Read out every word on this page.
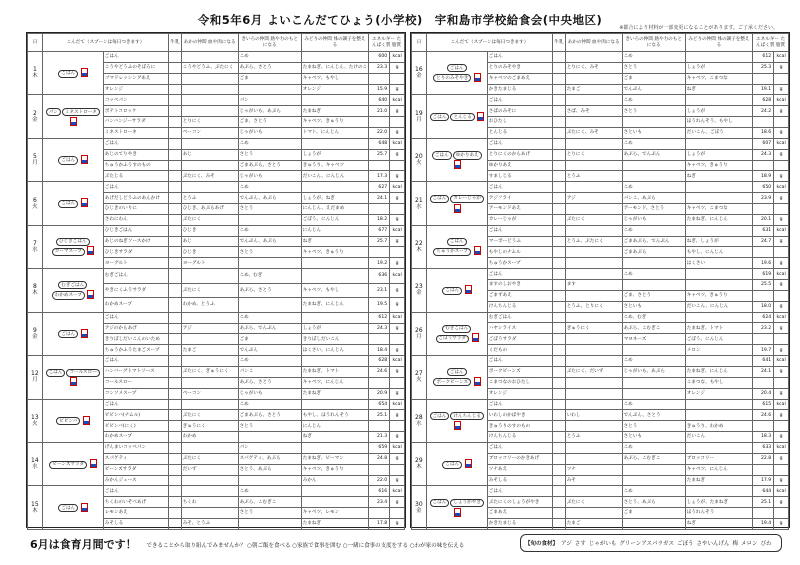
令和5年6月 よいこんだてひょう(小学校)　宇和島市学校給食会(中央地区)
※都合により材料が一部変更になることがあります。ご了承ください。
日	こんだて（スプーンは毎日つきます）		牛乳	あかの仲間 血や肉になる	きいろの仲間 熱や力のもとになる	みどりの仲間 体の調子を整える	エネルギー たんぱく質 脂質	

1
木	ごはん	ごはん			こめ		600	kcal
		こうやどうふのそぼろに		こうやどうふ、ぶたにく	あぶら、さとう	たまねぎ、にんじん、たけのこ	23.3	g
		ゴマドレッシングあえ			ごま	キャベツ、もやし		
		オレンジ				オレンジ	15.9	g

2
金	パン ミネストローネ	コッペパン			パン		640	kcal
		ポテトコロッケ			じゃがいも、あぶら	たまねぎ	21.0	g
		バンバンジーサラダ		とりにく	ごま、さとう	キャベツ、きゅうり		
		ミネストローネ		ベーコン	じゃがいも	トマト、にんじん	22.0	g

5
月	ごはん	ごはん			こめ		648	kcal
		あじのてりやき		あじ	さとう	しょうが	25.7	g
		ちゅうかふうすのもの			ごまあぶら、さとう	きゅうり、キャベツ		
		ぶたじる		ぶたにく、みそ	じゃがいも	だいこん、にんじん	17.3	g

6
火	ごはん	ごはん			こめ		627	kcal
		あげだしどうふのあんかけ		とうふ	でんぷん、あぶら	しょうが、ねぎ	24.1	g
		ひじきのいりに		ひじき、あぶらあげ	さとう	にんじん、えだまめ		
		さわにわん		ぶたにく		ごぼう、にんじん	18.2	g

7
水	ひじきごはんガーマスープ	ひじきごはん		ひじき	こめ	にんじん	677	kcal
		あじのねぎソースかけ		あじ	でんぷん、あぶら	ねぎ	25.7	g
		ひじきサラダ		ひじき	さとう	キャベツ、きゅうり		
		ヨーグルト		ヨーグルト			19.2	g

8
木	むぎごはんわかめスープ	むぎごはん			こめ、むぎ		636	kcal
		やきにくふうサラダ		ぶたにく	あぶら、さとう	キャベツ、もやし	23.1	g
		わかめスープ		わかめ、とうふ		たまねぎ、にんじん	19.5	g

9
金	ごはん	ごはん			こめ		612	kcal
		アジのからあげ		アジ	あぶら、でんぷん	しょうが	24.3	g
		きりぼしだいこんのいため			ごま	きりぼしだいこん		
		ちゅうかふうたまごスープ		たまご	でんぷん	はくさい、にんじん	18.4	g

12
月	ごはん コールスロー	ごはん			こめ		628	kcal
		ハンバーグトマトソース		ぶたにく、ぎゅうにく	パンこ	たまねぎ、トマト	24.6	g
		コールスロー			あぶら、さとう	キャベツ、にんじん		
		コンソメスープ		ベーコン	じゃがいも	たまねぎ	20.9	g

13
火	ビビンバ	ごはん			こめ		654	kcal
		ビビンバ(ナムル)		ぶたにく	ごまあぶら、さとう	もやし、ほうれんそう	25.1	g
		ビビンバ(にく)		ぎゅうにく	さとう	にんじん		
		わかめスープ		わかめ		ねぎ	21.3	g

14
水	ビーンズサラダ	げんまいコッペパン			パン		659	kcal
		スパゲティ		ぶたにく	スパゲティ、あぶら	たまねぎ、ピーマン	24.8	g
		ビーンズサラダ		だいず	さとう、あぶら	キャベツ、きゅうり		
		みかんジュース				みかん	22.0	g

15
木	ごはん	ごはん			こめ		616	kcal
		ちくわのいそべあげ		ちくわ	あぶら、こむぎこ		23.4	g
		レモンあえ			さとう	キャベツ、レモン		
		みそしる		みそ、とうふ		たまねぎ	17.8	g
日	こんだて（スプーンは毎日つきます）		牛乳	あかの仲間 血や肉になる	きいろの仲間 熱や力のもとになる	みどりの仲間 体の調子を整える	エネルギー たんぱく質 脂質	

16
金	ごはんとりのみそやき	ごはん			こめ		612	kcal
		とりのみそやき		とりにく、みそ	さとう	しょうが	25.3	g
		キャベツのごまあえ			ごま	キャベツ、こまつな		
		かきたまじる		たまご	でんぷん	ねぎ	19.1	g

19
月	ごはん とんじる	ごはん			こめ		628	kcal
		さばのみそに		さば、みそ	さとう	しょうが	24.2	g
		おひたし				ほうれんそう、もやし		
		とんじる		ぶたにく、みそ	さといも	だいこん、ごぼう	18.6	g

20
火	ごはん ゆかりあえ	ごはん			こめ		607	kcal
		とりにくのからあげ		とりにく	あぶら、でんぷん	しょうが	24.3	g
		ゆかりあえ				キャベツ、きゅうり		
		すましじる		とうふ		ねぎ	18.9	g

21
水	ごはん カレーじゃが	ごはん			こめ		650	kcal
		アジフライ		アジ	パンこ、あぶら		23.9	g
		アーモンドあえ			アーモンド、さとう	キャベツ、こまつな		
		カレーじゃが		ぶたにく	じゃがいも	たまねぎ、にんじん	20.1	g

22
木	ごはんちゅうかスープ	ごはん			こめ		631	kcal
		マーボーどうふ		とうふ、ぶたにく	ごまあぶら、でんぷん	ねぎ、しょうが	24.7	g
		もやしのナムル			ごまあぶら	もやし、にんじん		
		ちゅうかスープ				はくさい	19.6	g

23
金	ごはん	ごはん			こめ		619	kcal
		ますのしおやき		ます			25.5	g
		ごまずあえ			ごま、さとう	キャベツ、きゅうり		
		けんちんじる		とうふ、とりにく	さといも	だいこん、にんじん	18.0	g

26
月	むぎごはんごぼうサラダ	むぎごはん			こめ、むぎ		624	kcal
		ハヤシライス		ぎゅうにく	あぶら、こむぎこ	たまねぎ、トマト	23.2	g
		ごぼうサラダ			マヨネーズ	ごぼう、にんじん		
		くだもの				メロン	19.7	g

27
火	ごはんポークビーンズ	ごはん			こめ		641	kcal
		ポークビーンズ		ぶたにく、だいず	じゃがいも、あぶら	たまねぎ、にんじん	24.1	g
		こまつなのおひたし				こまつな、もやし		
		オレンジ				オレンジ	20.4	g

28
水	ごはん けんちんじる	ごはん			こめ		615	kcal
		いわしのかばやき		いわし	でんぷん、さとう		24.6	g
		きゅうりのすのもの			さとう	きゅうり、わかめ		
		けんちんじる		とうふ	さといも	だいこん	18.3	g

29
木	ごはん	ごはん			こめ		633	kcal
		ブロッコリーのかきあげ			あぶら、こむぎこ	ブロッコリー	22.8	g
		ツナあえ		ツナ		キャベツ、にんじん		
		みそしる		みそ		たまねぎ	17.9	g

30
金	ごはん しょうがやき	ごはん			こめ		644	kcal
		ぶたにくのしょうがやき		ぶたにく	さとう、あぶら	しょうが、たまねぎ	25.1	g
		ごまあえ			ごま	ほうれんそう		
		かきたまじる		たまご		ねぎ	19.4	g
6月は食育月間です！ できることから取り組んでみませんか？ ○朝ご飯を食べる ○家族で食事を囲む ○一緒に食事の支度をする ○わが家の味を伝える	【旬の食材】 アジ さす じゃがいも グリーンアスパラガス ごぼう さやいんげん 梅 メロン びわ
